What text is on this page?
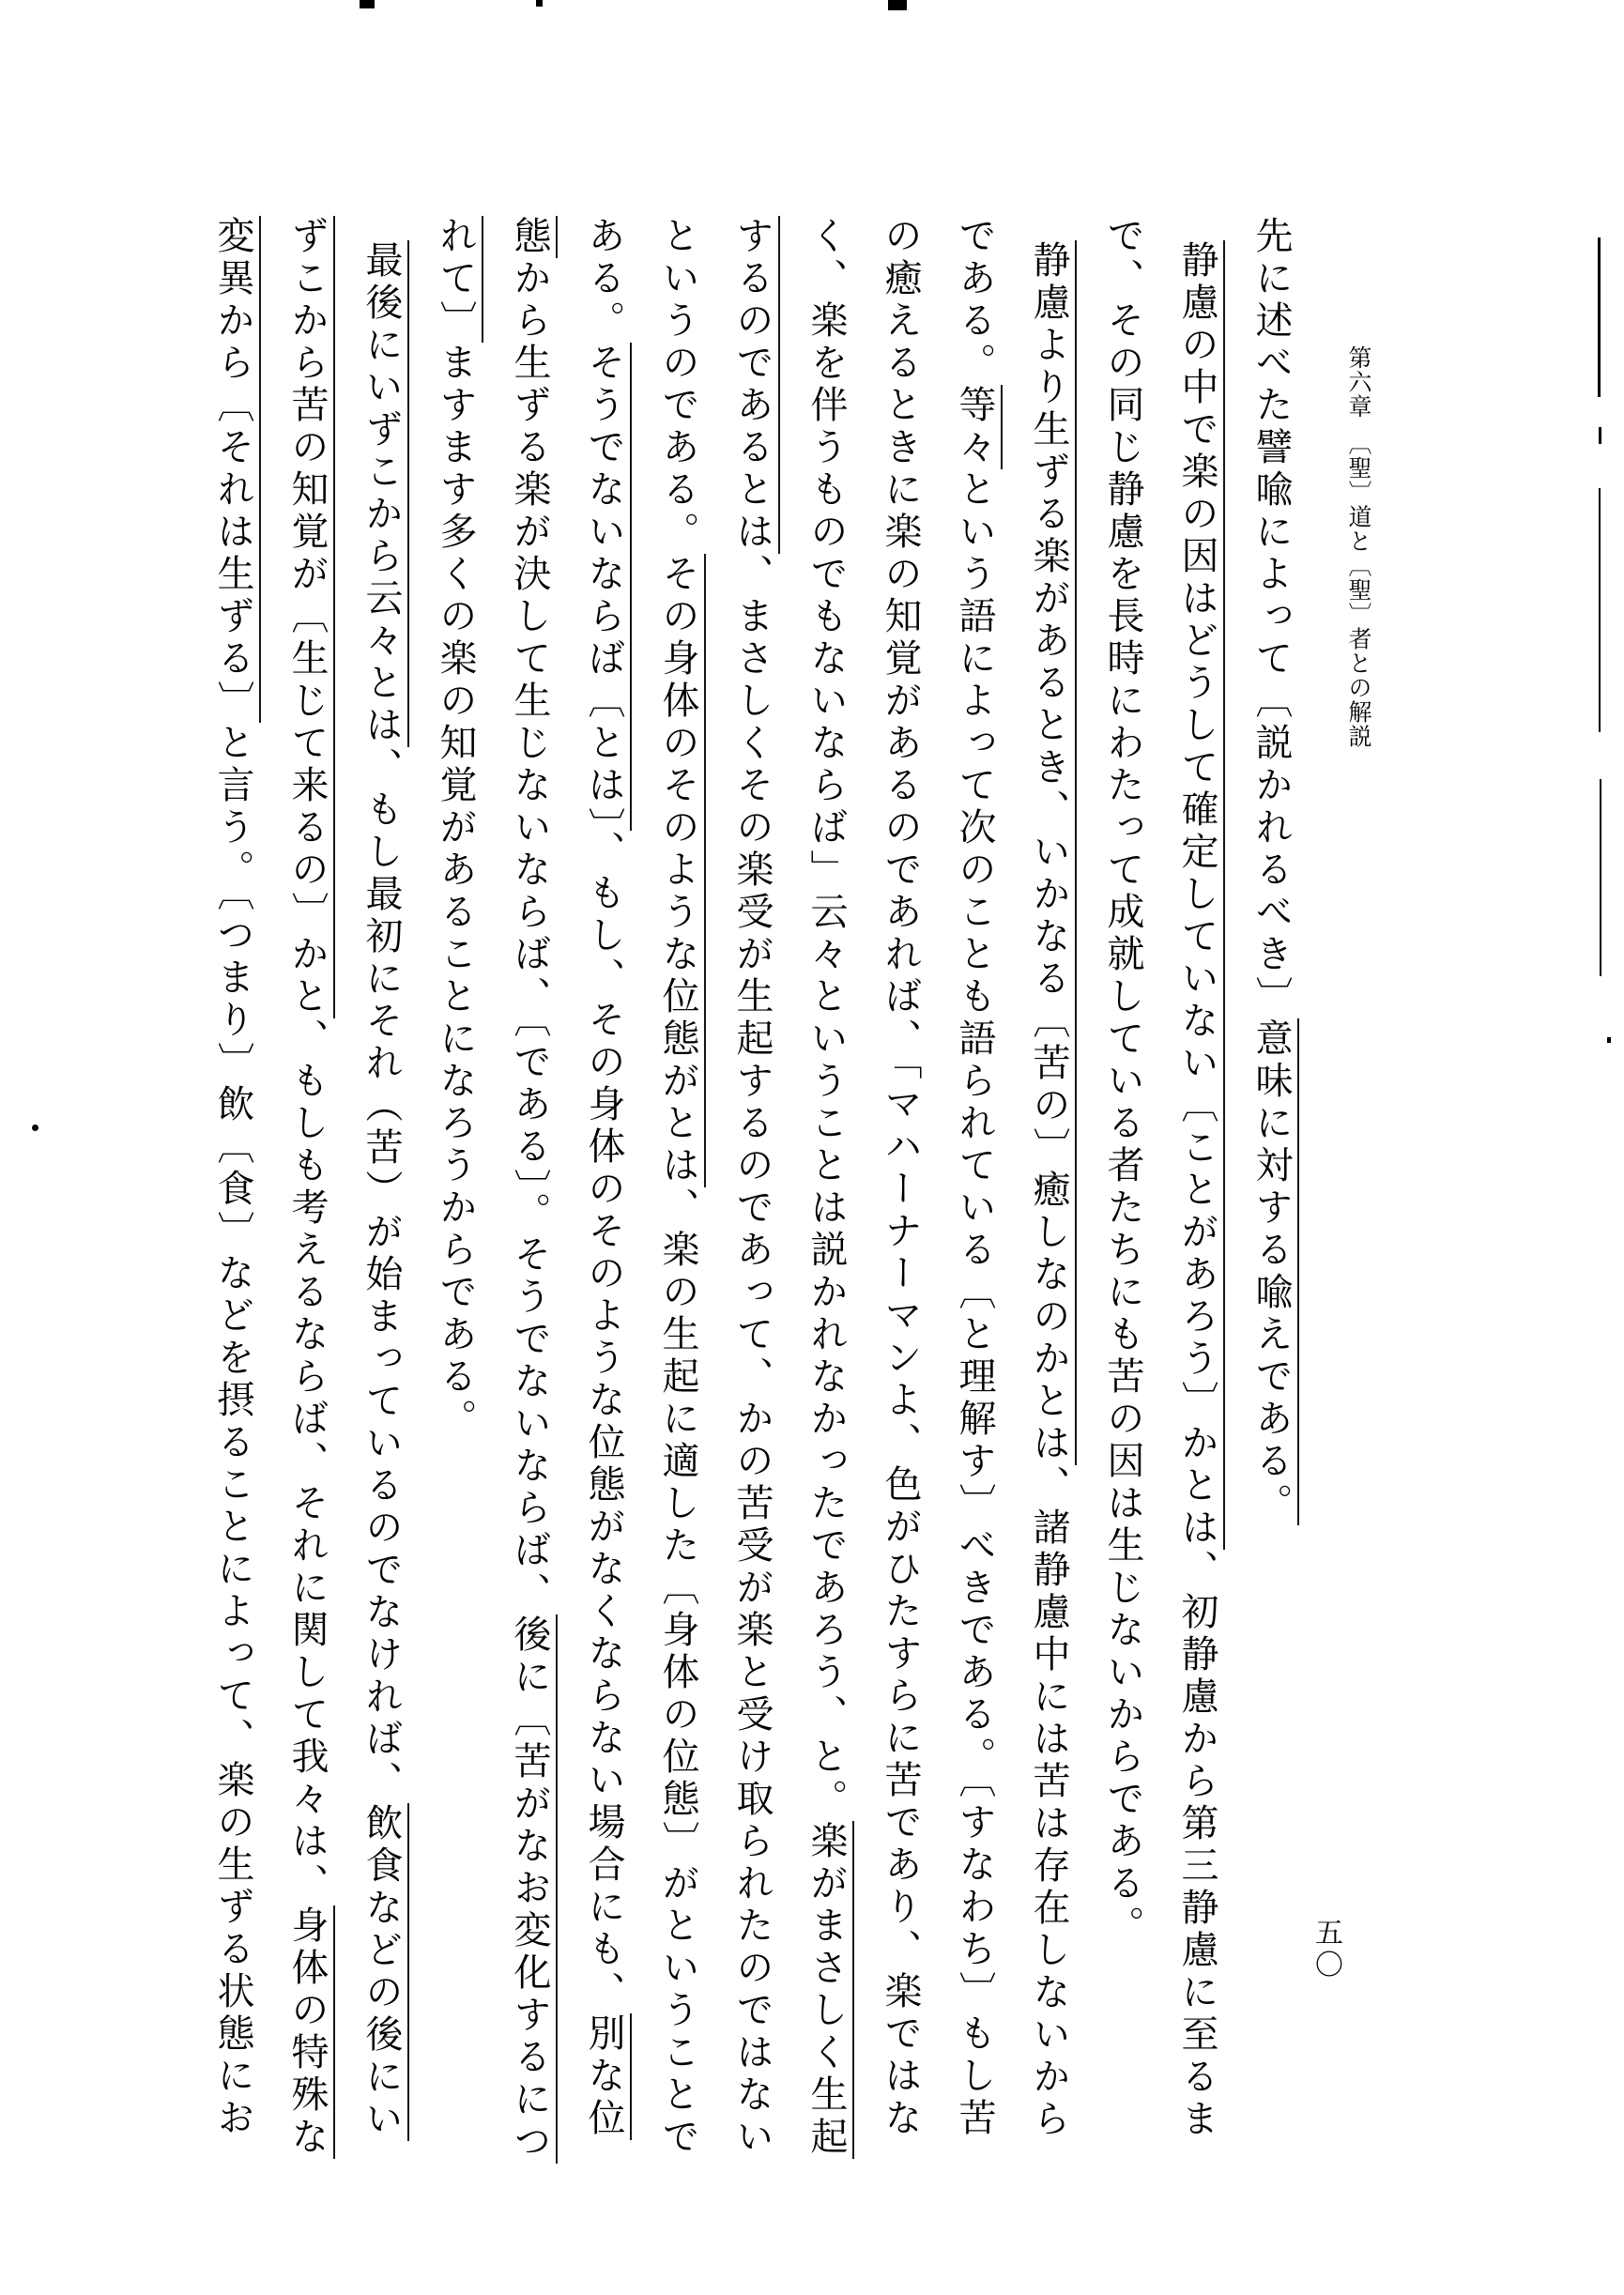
第六章　〔聖〕道と〔聖〕者との解説
先に述べた譬喩によって〔説かれるべき〕意味に対する喩えである。
静慮の中で楽の因はどうして確定していない〔ことがあろう〕かとは、初静慮から第三静慮に至るま
で、その同じ静慮を長時にわたって成就している者たちにも苦の因は生じないからである。
静慮より生ずる楽があるとき、いかなる〔苦の〕癒しなのかとは、諸静慮中には苦は存在しないから
である。等々という語によって次のことも語られている〔と理解す〕べきである。〔すなわち〕もし苦
の癒えるときに楽の知覚があるのであれば、「マハーナーマンよ、色がひたすらに苦であり、楽ではな
く、楽を伴うものでもないならば」云々ということは説かれなかったであろう、と。楽がまさしく生起
するのであるとは、まさしくその楽受が生起するのであって、かの苦受が楽と受け取られたのではない
というのである。その身体のそのような位態がとは、楽の生起に適した〔身体の位態〕がということで
ある。そうでないならば〔とは〕、もし、その身体のそのような位態がなくならない場合にも、別な位
態から生ずる楽が決して生じないならば、〔である〕。そうでないならば、後に〔苦がなお変化するにつ
れて〕ますます多くの楽の知覚があることになろうからである。
最後にいずこから云々とは、もし最初にそれ（苦）が始まっているのでなければ、飲食などの後にい
ずこから苦の知覚が〔生じて来るの〕かと、もしも考えるならば、それに関して我々は、身体の特殊な
変異から〔それは生ずる〕と言う。〔つまり〕飲〔食〕などを摂ることによって、楽の生ずる状態にお	五〇
